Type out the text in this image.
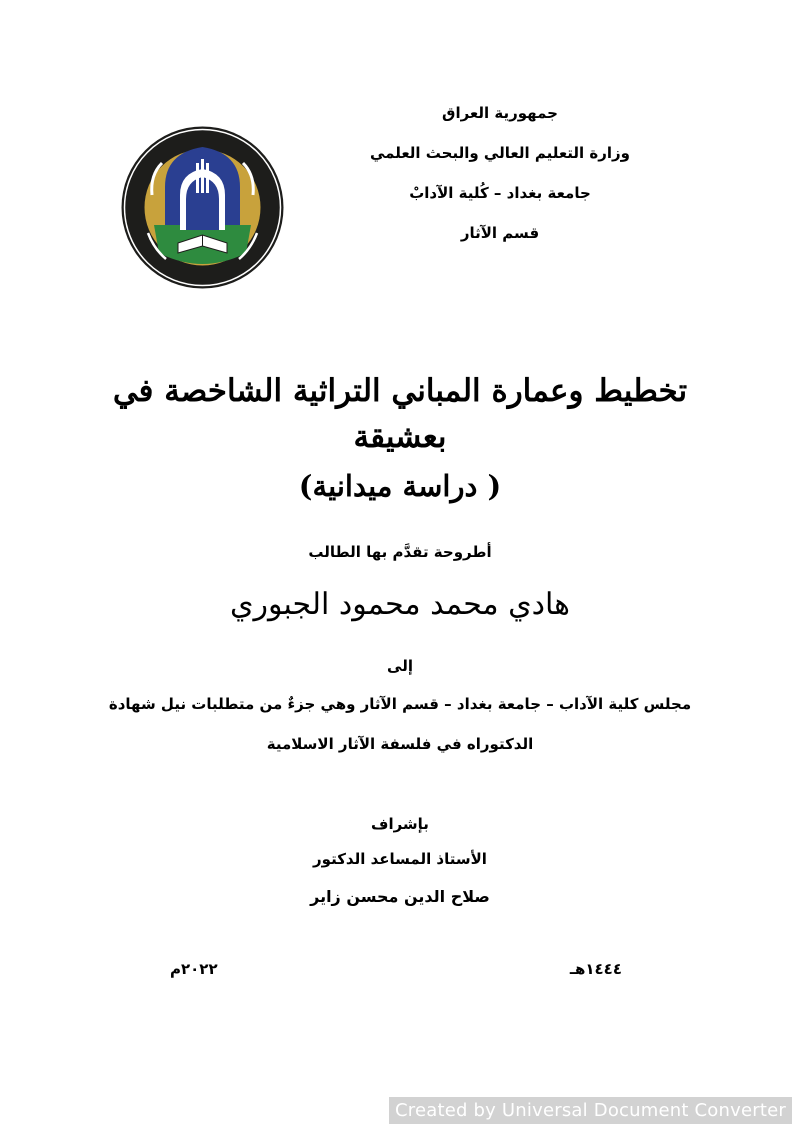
جمهورية العراق
وزارة التعليم العالي والبحث العلمي
جامعة بغداد – كُلية الآدابْ
قسم الآثار
تخطيط وعمارة المباني التراثية الشاخصة في بعشيقة
( دراسة ميدانية)
أطروحة تقدَّم بها الطالب
هادي محمد محمود الجبوري
إلى
مجلس كلية الآداب – جامعة بغداد – قسم الآثار وهي جزءٌ من متطلبات نيل شهادة
الدكتوراه في فلسفة الآثار الاسلامية
بإشراف
الأستاذ المساعد الدكتور
صلاح الدين محسن زاير
١٤٤٤هـ
٢٠٢٢م
Created by Universal Document Converter
